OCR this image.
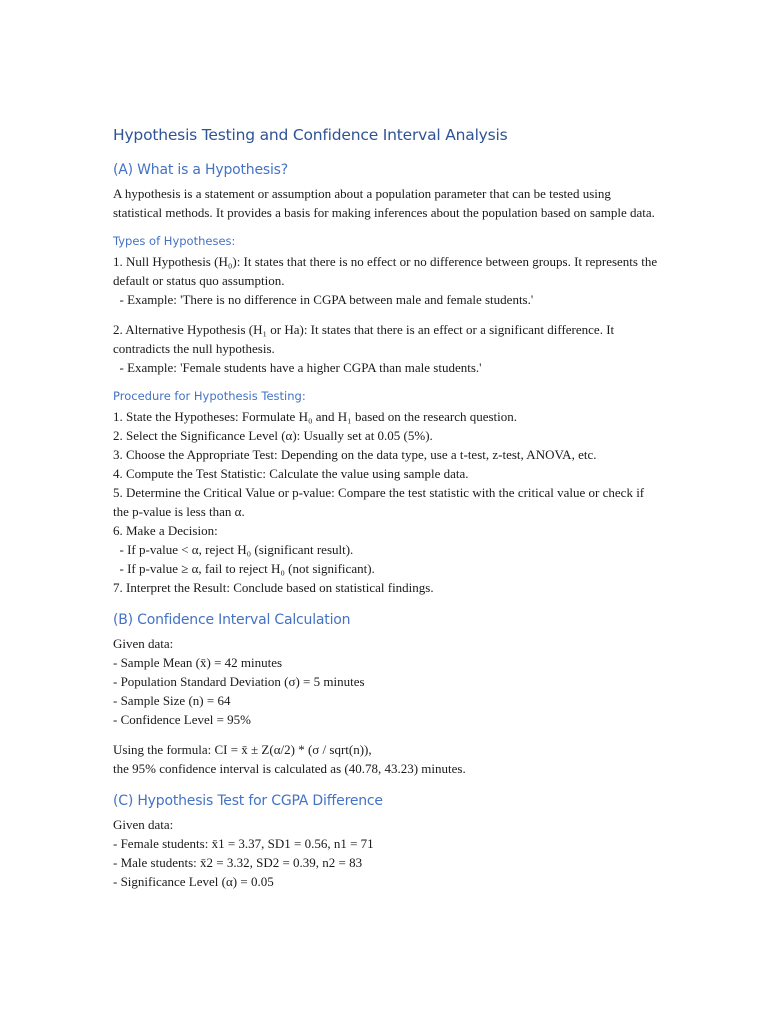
Hypothesis Testing and Confidence Interval Analysis
(A) What is a Hypothesis?
A hypothesis is a statement or assumption about a population parameter that can be tested using statistical methods. It provides a basis for making inferences about the population based on sample data.
Types of Hypotheses:
1. Null Hypothesis (H₀): It states that there is no effect or no difference between groups. It represents the default or status quo assumption.
- Example: 'There is no difference in CGPA between male and female students.'
2. Alternative Hypothesis (H₁ or Ha): It states that there is an effect or a significant difference. It contradicts the null hypothesis.
- Example: 'Female students have a higher CGPA than male students.'
Procedure for Hypothesis Testing:
1. State the Hypotheses: Formulate H₀ and H₁ based on the research question.
2. Select the Significance Level (α): Usually set at 0.05 (5%).
3. Choose the Appropriate Test: Depending on the data type, use a t-test, z-test, ANOVA, etc.
4. Compute the Test Statistic: Calculate the value using sample data.
5. Determine the Critical Value or p-value: Compare the test statistic with the critical value or check if the p-value is less than α.
6. Make a Decision:
- If p-value < α, reject H₀ (significant result).
- If p-value ≥ α, fail to reject H₀ (not significant).
7. Interpret the Result: Conclude based on statistical findings.
(B) Confidence Interval Calculation
Given data:
- Sample Mean (x̄) = 42 minutes
- Population Standard Deviation (σ) = 5 minutes
- Sample Size (n) = 64
- Confidence Level = 95%
Using the formula: CI = x̄ ± Z(α/2) * (σ / sqrt(n)),
the 95% confidence interval is calculated as (40.78, 43.23) minutes.
(C) Hypothesis Test for CGPA Difference
Given data:
- Female students: x̄1 = 3.37, SD1 = 0.56, n1 = 71
- Male students: x̄2 = 3.32, SD2 = 0.39, n2 = 83
- Significance Level (α) = 0.05
